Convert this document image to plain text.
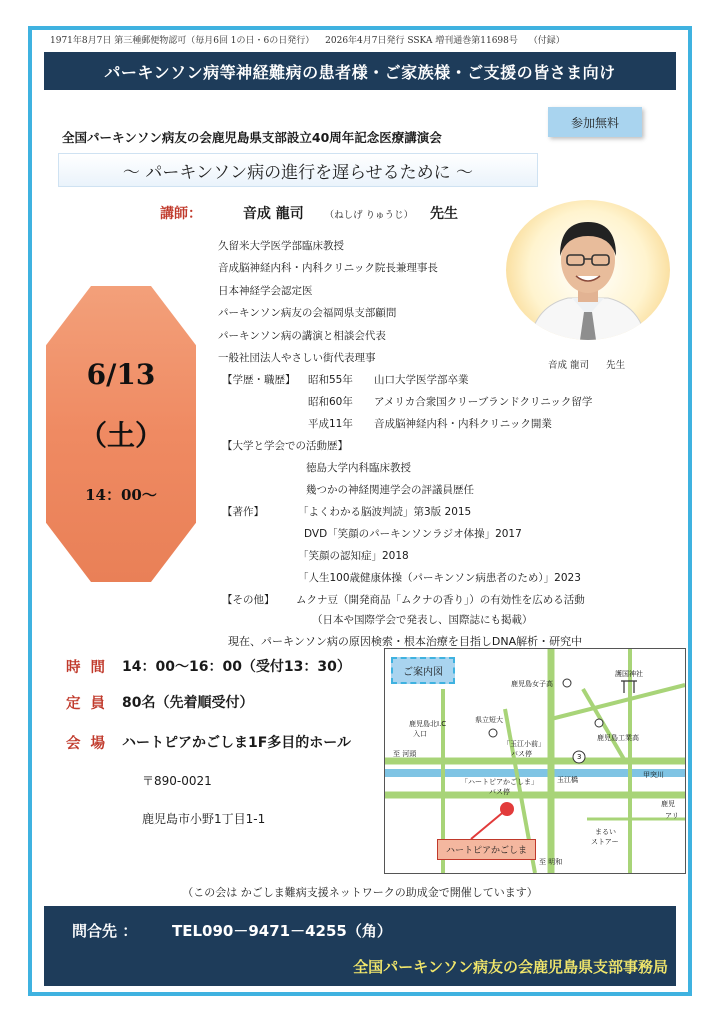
1971年8月7日 第三種郵便物認可（毎月6回 1の日・6の日発行） 2026年4月7日発行 SSKA 増刊通巻第11698号 （付録）
パーキンソン病等神経難病の患者様・ご家族様・ご支援の皆さま向け
参加無料
全国パーキンソン病友の会鹿児島県支部設立40周年記念医療講演会
～ パーキンソン病の進行を遅らせるために ～
講師：	音成 龍司 （ねしげ りゅうじ） 先生
音成 龍司 先生
6/13
（土）
14：00～
久留米大学医学部臨床教授
音成脳神経内科・内科クリニック院長兼理事長
日本神経学会認定医
パーキンソン病友の会福岡県支部顧問
パーキンソン病の講演と相談会代表
一般社団法人やさしい街代表理事
【学歴・職歴】 昭和55年 山口大学医学部卒業
昭和60年 アメリカ合衆国クリーブランドクリニック留学
平成11年 音成脳神経内科・内科クリニック開業
【大学と学会での活動歴】
徳島大学内科臨床教授
幾つかの神経関連学会の評議員歴任
【著作】	「よくわかる脳波判読」第3版 2015
DVD「笑顔のパーキンソンラジオ体操」2017
「笑顔の認知症」2018
「人生100歳健康体操（パーキンソン病患者のため）」2023
【その他】 ムクナ豆（開発商品「ムクナの香り」）の有効性を広める活動
（日本や国際学会で発表し、国際誌にも掲載）
現在、パーキンソン病の原因検索・根本治療を目指しDNA解析・研究中
時間 14：00～16：00（受付13：30）
定員 80名（先着順受付）
会場 ハートピアかごしま1F多目的ホール
〒890-0021
鹿児島市小野1丁目1-1
ご案内図
ハートピアかごしま
鹿児島女子高
護国神社
鹿児島北I.C
入口
県立短大
「玉江小前」
バス停
鹿児島工業高
至 河頭	3
甲突川
玉江橋
「ハートピアかごしま」
バス停
まるい
ストアー
至 明和
鹿児
アリ
（この会は かごしま難病支援ネットワークの助成金で開催しています）
問合先 ： TEL090－9471－4255（角）
全国パーキンソン病友の会鹿児島県支部事務局
